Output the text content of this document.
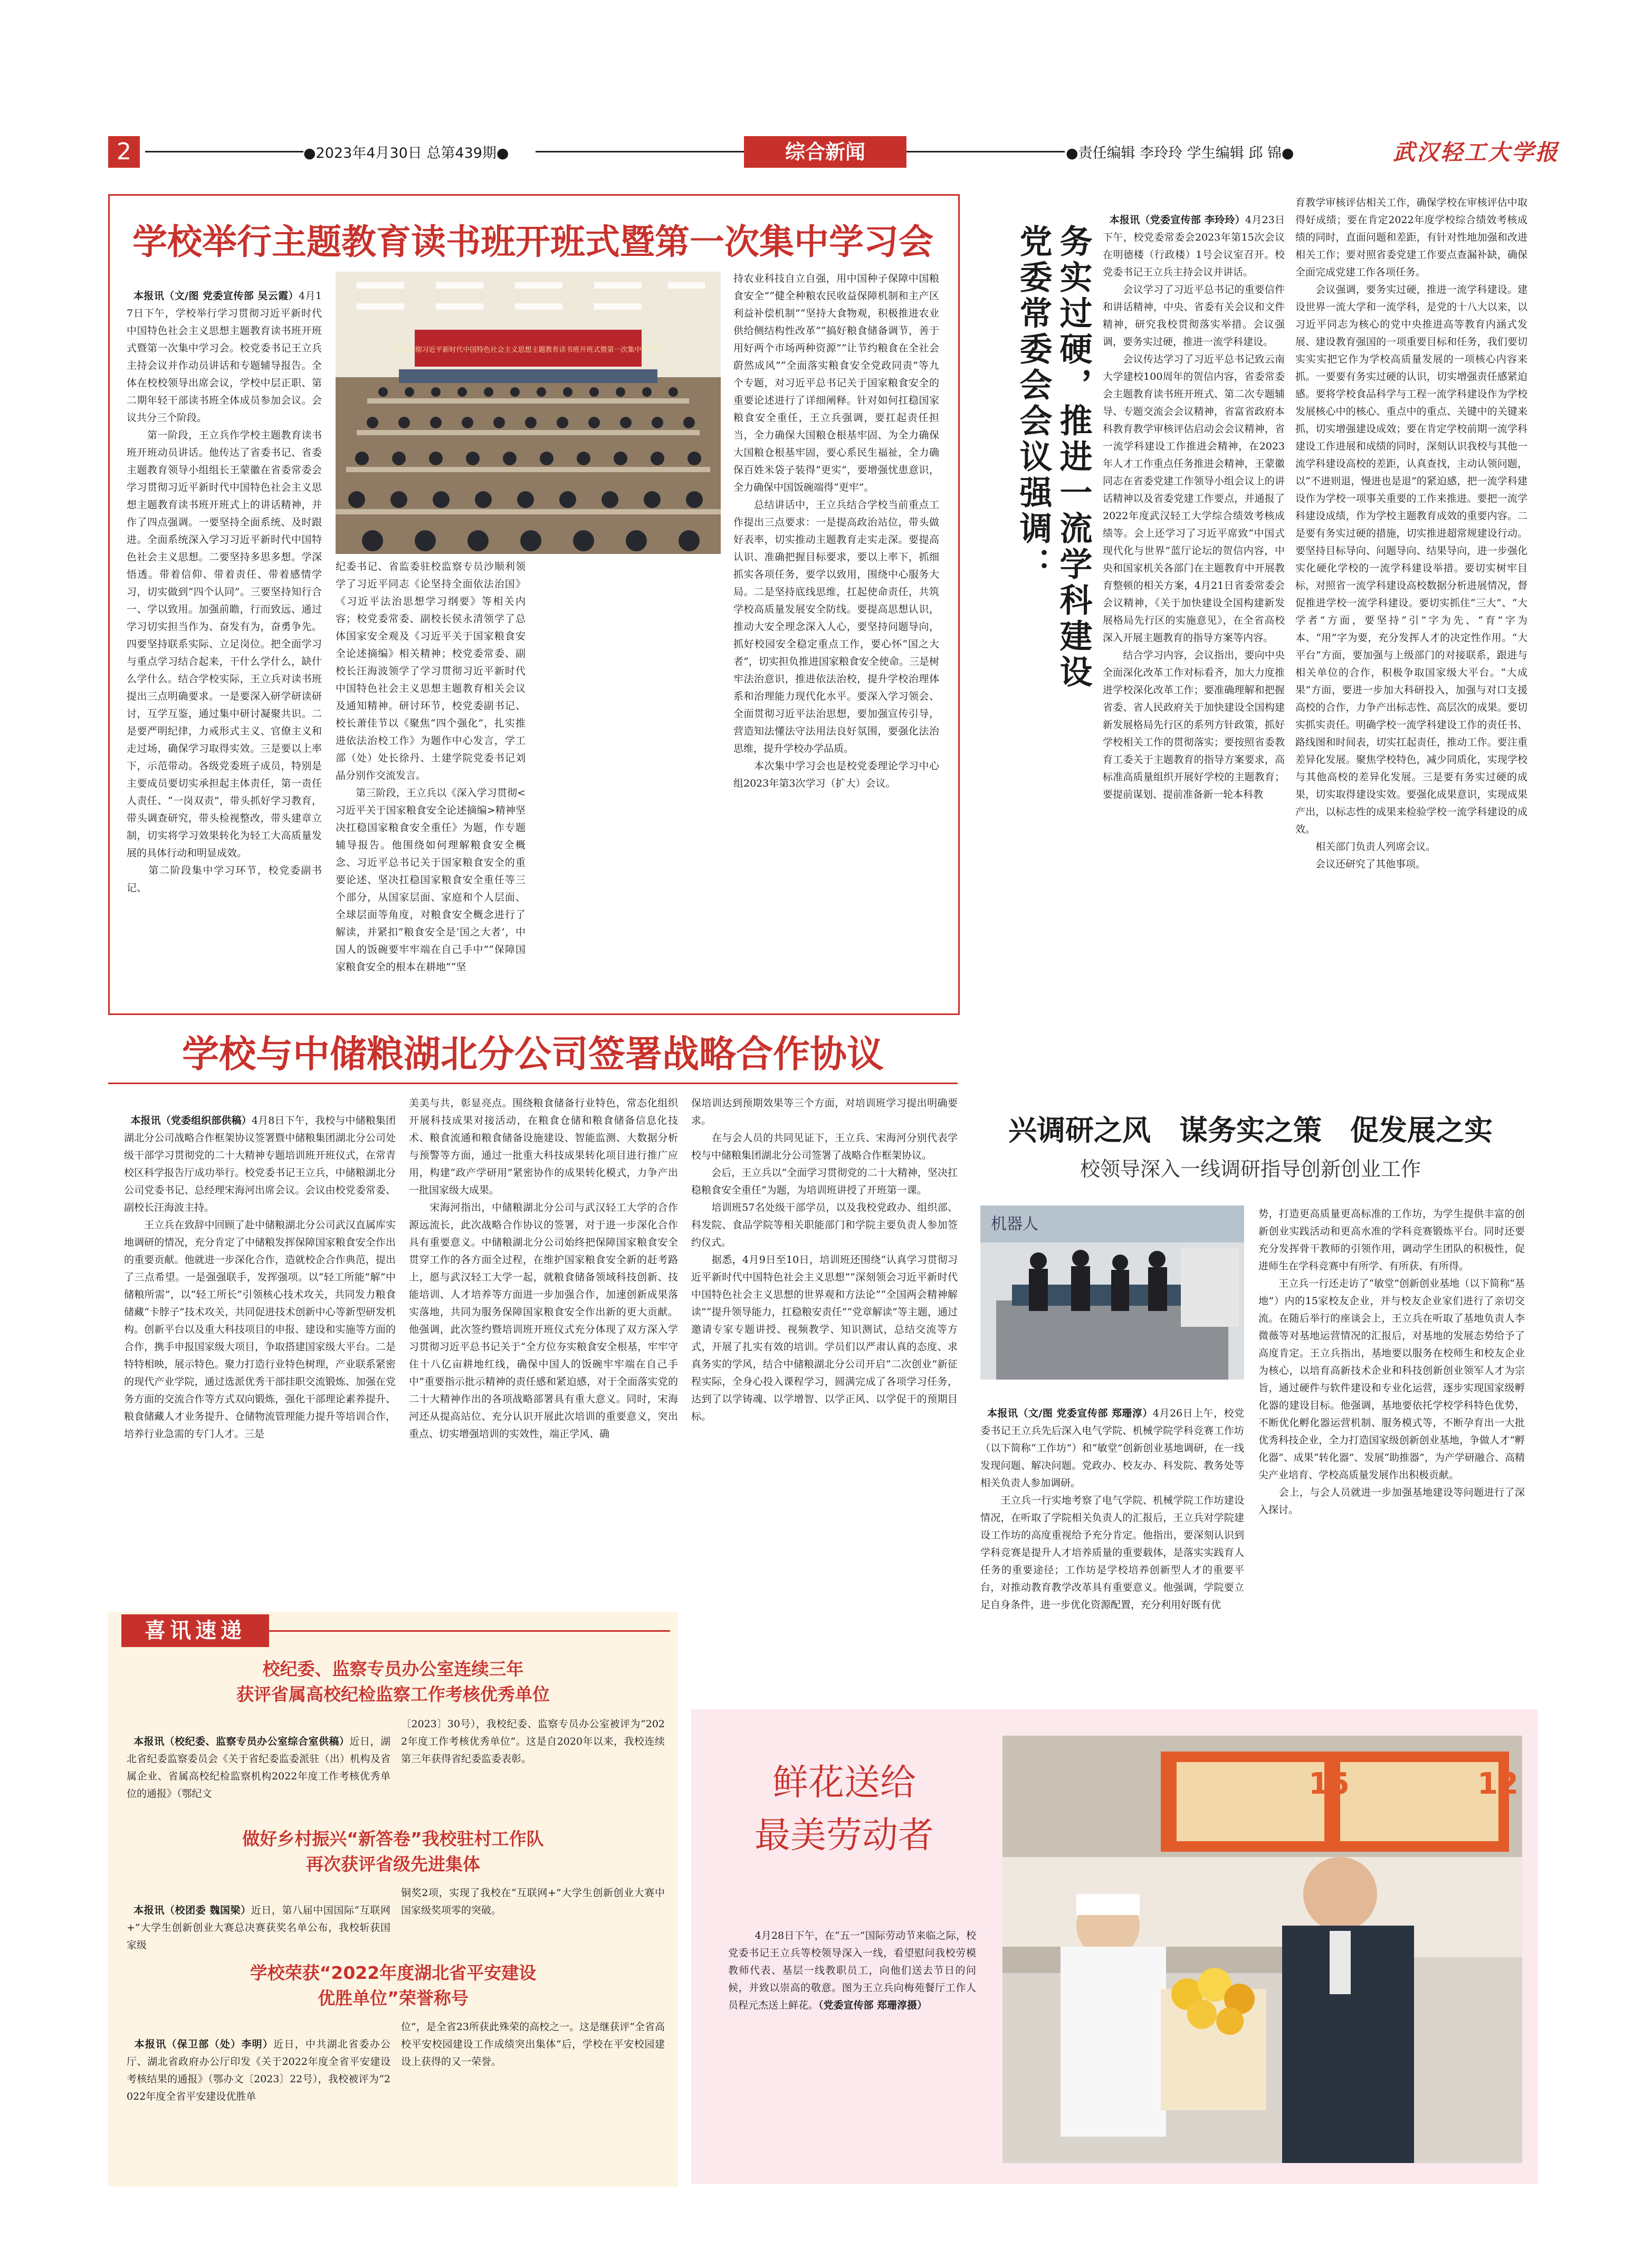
2	●2023年4月30日 总第439期●	综合新闻	●责任编辑 李玲玲 学生编辑 邱 锦●	武汉轻工大学报
学校举行主题教育读书班开班式暨第一次集中学习会

本报讯（文/图 党委宣传部 吴云霞）4月17日下午，学校举行学习贯彻习近平新时代中国特色社会主义思想主题教育读书班开班式暨第一次集中学习会。校党委书记王立兵主持会议并作动员讲话和专题辅导报告。全体在校校领导出席会议，学校中层正职、第二期年轻干部读书班全体成员参加会议。会议共分三个阶段。
　　第一阶段，王立兵作学校主题教育读书班开班动员讲话。他传达了省委书记、省委主题教育领导小组组长王蒙徽在省委常委会学习贯彻习近平新时代中国特色社会主义思想主题教育读书班开班式上的讲话精神，并作了四点强调。一要坚持全面系统、及时跟进。全面系统深入学习习近平新时代中国特色社会主义思想。二要坚持多思多想。学深悟透。带着信仰、带着责任、带着感情学习，切实做到“四个认同”。三要坚持知行合一、学以致用。加强前瞻，行而致远、通过学习切实担当作为、奋发有为，奋勇争先。四要坚持联系实际、立足岗位。把全面学习与重点学习结合起来，干什么学什么，缺什么学什么。结合学校实际，王立兵对读书班提出三点明确要求。一是要深入研学研读研讨，互学互鉴，通过集中研讨凝聚共识。二是要严明纪律，力戒形式主义、官僚主义和走过场，确保学习取得实效。三是要以上率下，示范带动。各级党委班子成员，特别是主要成员要切实承担起主体责任，第一责任人责任、“一岗双责”，带头抓好学习教育，带头调查研究，带头检视整改，带头建章立制，切实将学习效果转化为轻工大高质量发展的具体行动和明显成效。
　　第二阶段集中学习环节，校党委副书记、

学习贯彻习近平新时代中国特色社会主义思想主题教育读书班开班式暨第一次集中学习会
纪委书记、省监委驻校监察专员沙顺利领学了习近平同志《论坚持全面依法治国》《习近平法治思想学习纲要》等相关内容；校党委常委、副校长侯永清领学了总体国家安全观及《习近平关于国家粮食安全论述摘编》相关精神；校党委常委、副校长汪海波领学了学习贯彻习近平新时代中国特色社会主义思想主题教育相关会议及通知精神。研讨环节，校党委副书记、校长萧佳节以《聚焦“四个强化”，扎实推进依法治校工作》为题作中心发言，学工部（处）处长徐丹、土建学院党委书记刘晶分别作交流发言。
　　第三阶段，王立兵以《深入学习贯彻<习近平关于国家粮食安全论述摘编>精神坚决扛稳国家粮食安全重任》为题，作专题辅导报告。他围绕如何理解粮食安全概念、习近平总书记关于国家粮食安全的重要论述、坚决扛稳国家粮食安全重任等三个部分，从国家层面、家庭和个人层面、全球层面等角度，对粮食安全概念进行了解读，并紧扣“粮食安全是‘国之大者’，中国人的饭碗要牢牢端在自己手中”“保障国家粮食安全的根本在耕地”“坚
持农业科技自立自强，用中国种子保障中国粮食安全”“健全种粮农民收益保障机制和主产区利益补偿机制”“坚持大食物观，积极推进农业供给侧结构性改革”“搞好粮食储备调节，善于用好两个市场两种资源”“让节约粮食在全社会蔚然成风”“全面落实粮食安全党政同责”等九个专题，对习近平总书记关于国家粮食安全的重要论述进行了详细阐释。针对如何扛稳国家粮食安全重任，王立兵强调，要扛起责任担当，全力确保大国粮仓根基牢固、为全力确保大国粮仓根基牢固，要心系民生福祉，全力确保百姓米袋子装得“更实”，要增强忧患意识，全力确保中国饭碗端得“更牢”。
　　总结讲话中，王立兵结合学校当前重点工作提出三点要求：一是提高政治站位，带头做好表率，切实推动主题教育走实走深。要提高认识、准确把握目标要求，要以上率下，抓细抓实各项任务，要学以致用，围绕中心服务大局。二是坚持底线思维，扛起使命责任，共筑学校高质量发展安全防线。要提高思想认识，推动大安全理念深入人心，要坚持问题导向，抓好校园安全稳定重点工作，要心怀“国之大者”，切实担负推进国家粮食安全使命。三是树牢法治意识，推进依法治校，提升学校治理体系和治理能力现代化水平。要深入学习领会、全面贯彻习近平法治思想，要加强宣传引导，营造知法懂法守法用法良好氛围，要强化法治思维，提升学校办学品质。
　　本次集中学习会也是校党委理论学习中心组2023年第3次学习（扩大）会议。
务实过硬，推进一流学科建设
党委常委会会议强调：

本报讯（党委宣传部 李玲玲）4月23日下午，校党委常委会2023年第15次会议在明德楼（行政楼）1号会议室召开。校党委书记王立兵主持会议并讲话。
　　会议学习了习近平总书记的重要信件和讲话精神，中央、省委有关会议和文件精神，研究我校贯彻落实举措。会议强调，要务实过硬，推进一流学科建设。
　　会议传达学习了习近平总书记致云南大学建校100周年的贺信内容，省委常委会主题教育读书班开班式、第二次专题辅导、专题交流会会议精神，省富省政府本科教育教学审核评估启动会会议精神，省一流学科建设工作推进会精神，在2023年人才工作重点任务推进会精神，王蒙徽同志在省委党建工作领导小组会议上的讲话精神以及省委党建工作要点，并通报了2022年度武汉轻工大学综合绩效考核成绩等。会上还学习了习近平席致“中国式现代化与世界”蓝厅论坛的贺信内容，中央和国家机关各部门在主题教育中开展教育整顿的相关方案，4月21日省委常委会会议精神，《关于加快建设全国构建新发展格局先行区的实施意见》，在全省高校深入开展主题教育的指导方案等内容。
　　结合学习内容，会议指出，要向中央全面深化改革工作对标看齐，加大力度推进学校深化改革工作；要准确理解和把握省委、省人民政府关于加快建设全国构建新发展格局先行区的系列方针政策，抓好学校相关工作的贯彻落实；要按照省委教育工委关于主题教育的指导方案要求，高标准高质量组织开展好学校的主题教育；要提前谋划、提前准备新一轮本科教

育教学审核评估相关工作，确保学校在审核评估中取得好成绩；要在肯定2022年度学校综合绩效考核成绩的同时，直面问题和差距，有针对性地加强和改进相关工作；要对照省委党建工作要点查漏补缺，确保全面完成党建工作各项任务。
　　会议强调，要务实过硬，推进一流学科建设。建设世界一流大学和一流学科，是党的十八大以来，以习近平同志为核心的党中央推进高等教育内涵式发展、建设教育强国的一项重要目标和任务，我们要切实实实把它作为学校高质量发展的一项核心内容来抓。一要要有务实过硬的认识，切实增强责任感紧迫感。要将学校食品科学与工程一流学科建设作为学校发展核心中的核心、重点中的重点、关键中的关键来抓，切实增强建设成效；要在肯定学校前期一流学科建设工作进展和成绩的同时，深刻认识我校与其他一流学科建设高校的差距，认真查找，主动认领问题，以“不进则退，慢进也是退”的紧迫感，把一流学科建设作为学校一项事关重要的工作来推进。要把一流学科建设成绩，作为学校主题教育成效的重要内容。二是要有务实过硬的措施，切实推进超常规建设行动。要坚持目标导向、问题导向、结果导向，进一步强化实化硬化学校的一流学科建设举措。要切实树牢目标，对照省一流学科建设高校数据分析进展情况，督促推进学校一流学科建设。要切实抓住“三大”、“大学者”方面，要坚持“引”字为先、“育”字为本、“用”字为要，充分发挥人才的决定性作用。“大平台”方面，要加强与上级部门的对接联系，跟进与相关单位的合作，积极争取国家级大平台。“大成果”方面，要进一步加大科研投入，加强与对口支援高校的合作，力争产出标志性、高层次的成果。要切实抓实责任。明确学校一流学科建设工作的责任书、路线图和时间表，切实扛起责任，推动工作。要注重差异化发展。聚焦学校特色，减少同质化，实现学校与其他高校的差异化发展。三是要有务实过硬的成果，切实取得建设实效。要强化成果意识，实现成果产出，以标志性的成果来检验学校一流学科建设的成效。
　　相关部门负责人列席会议。
　　会议还研究了其他事项。
学校与中储粮湖北分公司签署战略合作协议

本报讯（党委组织部供稿）4月8日下午，我校与中储粮集团湖北分公司战略合作框架协议签署暨中储粮集团湖北分公司处级干部学习贯彻党的二十大精神专题培训班开班仪式，在常青校区科学报告厅成功举行。校党委书记王立兵，中储粮湖北分公司党委书记、总经理宋海河出席会议。会议由校党委常委、副校长汪海波主持。
　　王立兵在致辞中回顾了赴中储粮湖北分公司武汉直属库实地调研的情况，充分肯定了中储粮发挥保障国家粮食安全作出的重要贡献。他就进一步深化合作，造就校企合作典范，提出了三点希望。一是强强联手，发挥强项。以“轻工所能”解“中储粮所需”，以“轻工所长”引领核心技术攻关，共同发力粮食储藏“卡脖子”技术攻关，共同促进技术创新中心等新型研发机构。创新平台以及重大科技项目的申报、建设和实施等方面的合作，携手申报国家级大项目，争取搭建国家级大平台。二是特特相映，展示特色。聚力打造行业特色树理，产业联系紧密的现代产业学院，通过选派优秀干部挂职交流锻炼、加强在党务方面的交流合作等方式双向锻炼，强化干部理论素养提升、粮食储藏人才业务提升、仓储物流管理能力提升等培训合作，培养行业急需的专门人才。三是

美美与共，彰显亮点。围绕粮食储备行业特色，常态化组织开展科技成果对接活动，在粮食仓储和粮食储备信息化技术、粮食流通和粮食储备设施建设、智能监测、大数据分析与预警等方面，通过一批重大科技成果转化项目进行推广应用，构建“政产学研用”紧密协作的成果转化模式，力争产出一批国家级大成果。
　　宋海河指出，中储粮湖北分公司与武汉轻工大学的合作源远流长，此次战略合作协议的签署，对于进一步深化合作具有重要意义。中储粮湖北分公司始终把保障国家粮食安全贯穿工作的各方面全过程，在维护国家粮食安全新的赶考路上，愿与武汉轻工大学一起，就粮食储备领域科技创新、技能培训、人才培养等方面进一步加强合作，加速创新成果落实落地，共同为服务保障国家粮食安全作出新的更大贡献。他强调，此次签约暨培训班开班仪式充分体现了双方深入学习贯彻习近平总书记关于“全方位夯实粮食安全根基，牢牢守住十八亿亩耕地红线，确保中国人的饭碗牢牢端在自己手中”重要指示批示精神的责任感和紧迫感，对于全面落实党的二十大精神作出的各项战略部署具有重大意义。同时，宋海河还从提高站位、充分认识开展此次培训的重要意义，突出重点、切实增强培训的实效性，端正学风、确
保培训达到预期效果等三个方面，对培训班学习提出明确要求。
　　在与会人员的共同见证下，王立兵、宋海河分别代表学校与中储粮集团湖北分公司签署了战略合作框架协议。
　　会后，王立兵以“全面学习贯彻党的二十大精神，坚决扛稳粮食安全重任”为题，为培训班讲授了开班第一课。
　　培训班57名处级干部学员，以及我校党政办、组织部、科发院、食品学院等相关职能部门和学院主要负责人参加签约仪式。
　　据悉，4月9日至10日，培训班还围绕“认真学习贯彻习近平新时代中国特色社会主义思想”“深刻领会习近平新时代中国特色社会主义思想的世界观和方法论”“全国两会精神解读”“提升领导能力，扛稳粮安责任”“党章解读”等主题，通过邀请专家专题讲授、视频教学、知识测试，总结交流等方式，开展了扎实有效的培训。学员们以严肃认真的态度、求真务实的学风，结合中储粮湖北分公司开启“二次创业”新征程实际，全身心投入课程学习，圆满完成了各项学习任务，达到了以学铸魂、以学增智、以学正风、以学促干的预期目标。
兴调研之风　谋务实之策　促发展之实
校领导深入一线调研指导创新创业工作
机器人

本报讯（文/图 党委宣传部 郑珊淳）4月26日上午，校党委书记王立兵先后深入电气学院、机械学院学科竞赛工作坊（以下简称“工作坊”）和“敏堂”创新创业基地调研，在一线发现问题、解决问题。党政办、校友办、科发院、教务处等相关负责人参加调研。
　　王立兵一行实地考察了电气学院、机械学院工作坊建设情况，在听取了学院相关负责人的汇报后，王立兵对学院建设工作坊的高度重视给予充分肯定。他指出，要深刻认识到学科竞赛是提升人才培养质量的重要载体，是落实实践育人任务的重要途径；工作坊是学校培养创新型人才的重要平台，对推动教育教学改革具有重要意义。他强调，学院要立足自身条件，进一步优化资源配置，充分利用好既有优

势，打造更高质量更高标准的工作坊，为学生提供丰富的创新创业实践活动和更高水准的学科竞赛锻炼平台。同时还要充分发挥骨干教师的引领作用，调动学生团队的积极性，促进师生在学科竞赛中有所学、有所获、有所得。
　　王立兵一行还走访了“敏堂”创新创业基地（以下简称“基地”）内的15家校友企业，并与校友企业家们进行了亲切交流。在随后举行的座谈会上，王立兵在听取了基地负责人李微薇等对基地运营情况的汇报后，对基地的发展态势给予了高度肯定。王立兵指出，基地要以服务在校师生和校友企业为核心，以培育高新技术企业和科技创新创业领军人才为宗旨，通过硬件与软件建设和专业化运营，逐步实现国家级孵化器的建设目标。他强调，基地要依托学校学科特色优势，不断优化孵化器运营机制、服务模式等，不断孕育出一大批优秀科技企业，全力打造国家级创新创业基地，争做人才“孵化器”、成果“转化器”、发展“助推器”，为产学研融合、高精尖产业培育、学校高质量发展作出积极贡献。
　　会上，与会人员就进一步加强基地建设等问题进行了深入探讨。
喜讯速递
校纪委、监察专员办公室连续三年
获评省属高校纪检监察工作考核优秀单位

本报讯（校纪委、监察专员办公室综合室供稿）近日，湖北省纪委监察委员会《关于省纪委监委派驻（出）机构及省属企业、省属高校纪检监察机构2022年度工作考核优秀单位的通报》（鄂纪文

〔2023〕30号），我校纪委、监察专员办公室被评为“2022年度工作考核优秀单位”。这是自2020年以来，我校连续第三年获得省纪委监委表彰。
做好乡村振兴“新答卷”我校驻村工作队
再次获评省级先进集体

本报讯（校团委 魏国梁）近日，第八届中国国际“互联网+”大学生创新创业大赛总决赛获奖名单公布，我校斩获国家级

铜奖2项，实现了我校在“互联网+”大学生创新创业大赛中国家级奖项零的突破。
学校荣获“2022年度湖北省平安建设
优胜单位”荣誉称号

本报讯（保卫部（处）李明）近日，中共湖北省委办公厅、湖北省政府办公厅印发《关于2022年度全省平安建设考核结果的通报》（鄂办文〔2023〕22号），我校被评为“2022年度全省平安建设优胜单

位”，是全省23所获此殊荣的高校之一。这是继获评“全省高校平安校园建设工作成绩突出集体”后，学校在平安校园建设上获得的又一荣誉。
鲜花送给
最美劳动者

　　4月28日下午，在“五一”国际劳动节来临之际，校党委书记王立兵等校领导深入一线，看望慰问我校劳模教师代表、基层一线教职员工，向他们送去节日的问候，并致以崇高的敬意。图为王立兵向梅苑餐厅工作人员程元杰送上鲜花。（党委宣传部 郑珊淳摄）

15	12
